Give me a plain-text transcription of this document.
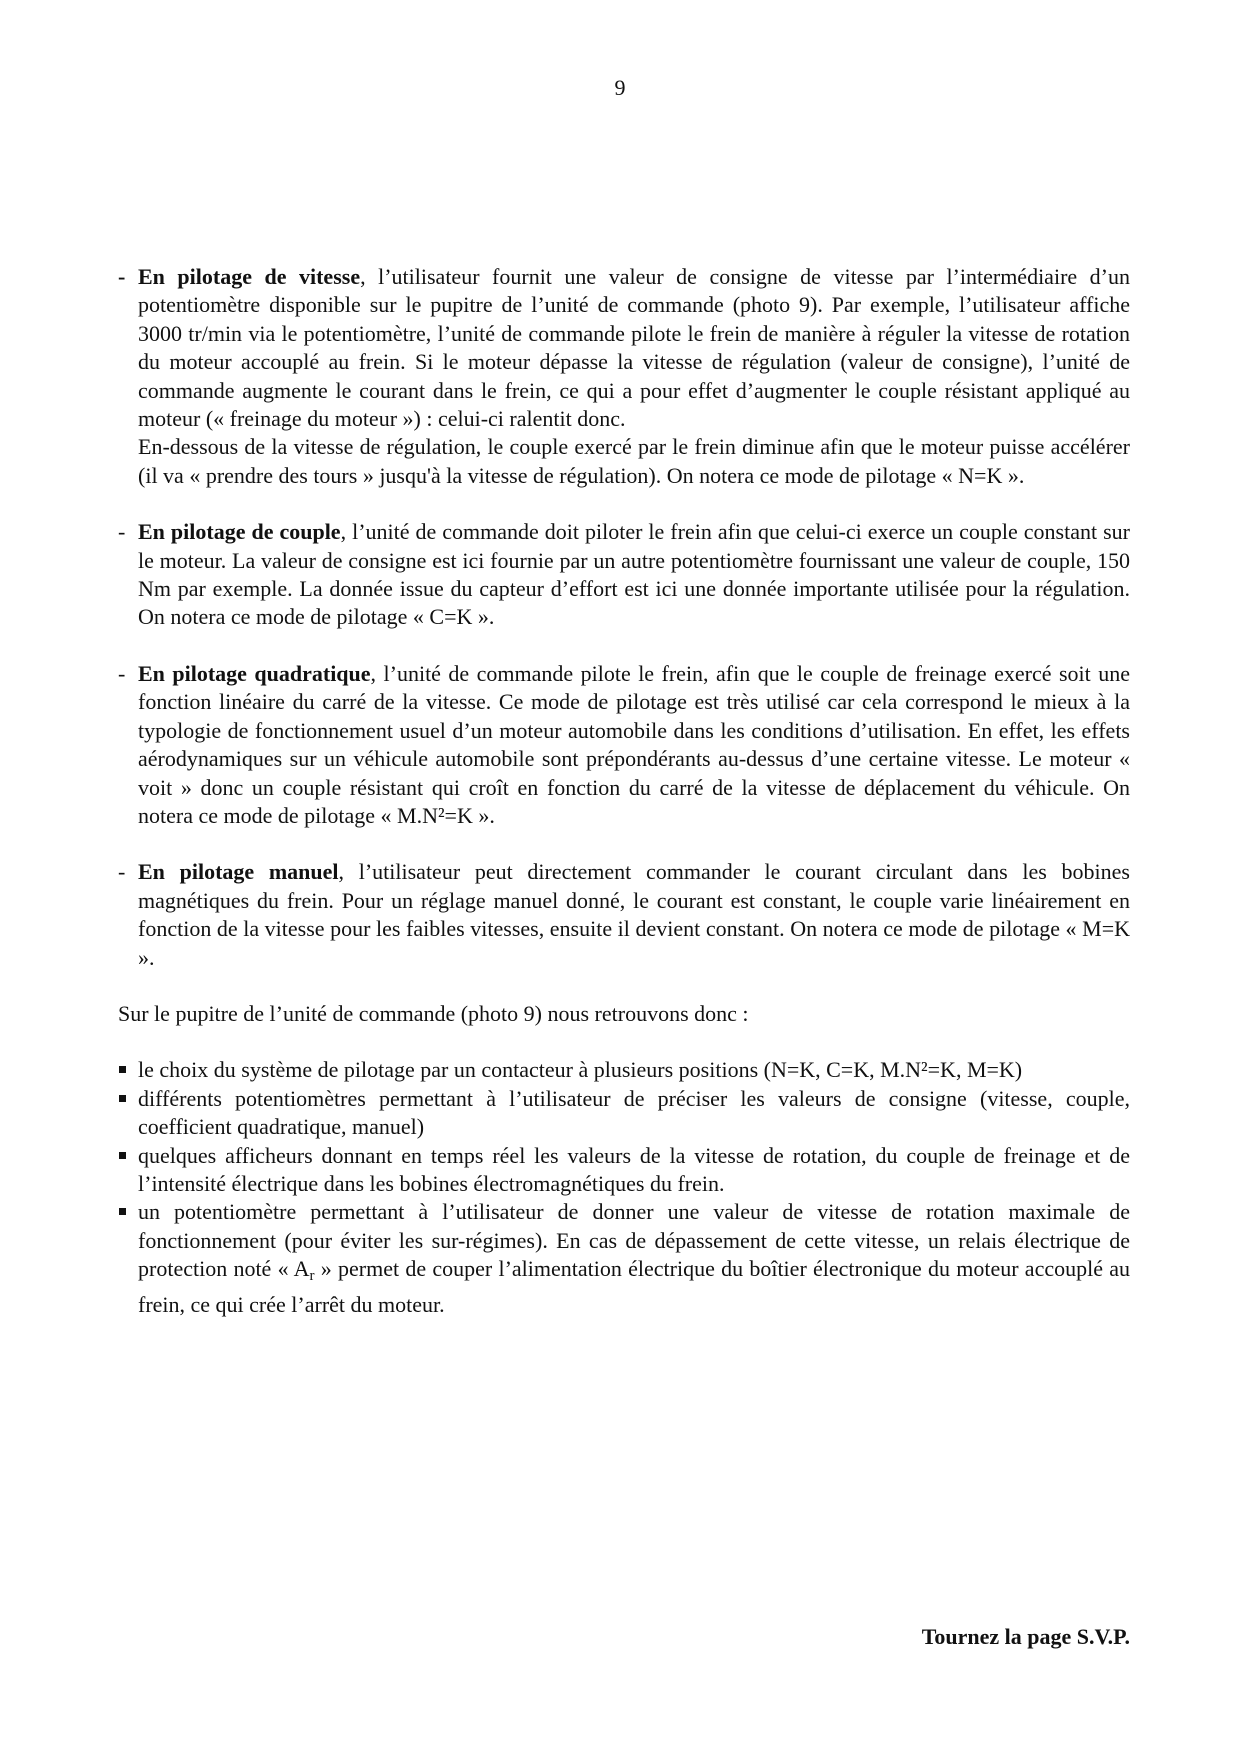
9
- En pilotage de vitesse, l’utilisateur fournit une valeur de consigne de vitesse par l’intermédiaire d’un potentiomètre disponible sur le pupitre de l’unité de commande (photo 9). Par exemple, l’utilisateur affiche 3000 tr/min via le potentiomètre, l’unité de commande pilote le frein de manière à réguler la vitesse de rotation du moteur accouplé au frein. Si le moteur dépasse la vitesse de régulation (valeur de consigne), l’unité de commande augmente le courant dans le frein, ce qui a pour effet d’augmenter le couple résistant appliqué au moteur (« freinage du moteur ») : celui-ci ralentit donc.

En-dessous de la vitesse de régulation, le couple exercé par le frein diminue afin que le moteur puisse accélérer (il va « prendre des tours » jusqu'à la vitesse de régulation). On notera ce mode de pilotage « N=K ».

- En pilotage de couple, l’unité de commande doit piloter le frein afin que celui-ci exerce un couple constant sur le moteur. La valeur de consigne est ici fournie par un autre potentiomètre fournissant une valeur de couple, 150 Nm par exemple. La donnée issue du capteur d’effort est ici une donnée importante utilisée pour la régulation. On notera ce mode de pilotage « C=K ».

- En pilotage quadratique, l’unité de commande pilote le frein, afin que le couple de freinage exercé soit une fonction linéaire du carré de la vitesse. Ce mode de pilotage est très utilisé car cela correspond le mieux à la typologie de fonctionnement usuel d’un moteur automobile dans les conditions d’utilisation. En effet, les effets aérodynamiques sur un véhicule automobile sont prépondérants au-dessus d’une certaine vitesse. Le moteur « voit » donc un couple résistant qui croît en fonction du carré de la vitesse de déplacement du véhicule. On notera ce mode de pilotage « M.N²=K ».

- En pilotage manuel, l’utilisateur peut directement commander le courant circulant dans les bobines magnétiques du frein. Pour un réglage manuel donné, le courant est constant, le couple varie linéairement en fonction de la vitesse pour les faibles vitesses, ensuite il devient constant. On notera ce mode de pilotage « M=K ».

Sur le pupitre de l’unité de commande (photo 9) nous retrouvons donc :

le choix du système de pilotage par un contacteur à plusieurs positions (N=K, C=K, M.N²=K, M=K)
différents potentiomètres permettant à l’utilisateur de préciser les valeurs de consigne (vitesse, couple, coefficient quadratique, manuel)
quelques afficheurs donnant en temps réel les valeurs de la vitesse de rotation, du couple de freinage et de l’intensité électrique dans les bobines électromagnétiques du frein.
un potentiomètre permettant à l’utilisateur de donner une valeur de vitesse de rotation maximale de fonctionnement (pour éviter les sur-régimes). En cas de dépassement de cette vitesse, un relais électrique de protection noté « $A_r$ » permet de couper l’alimentation électrique du boîtier électronique du moteur accouplé au frein, ce qui crée l’arrêt du moteur.
Tournez la page S.V.P.
